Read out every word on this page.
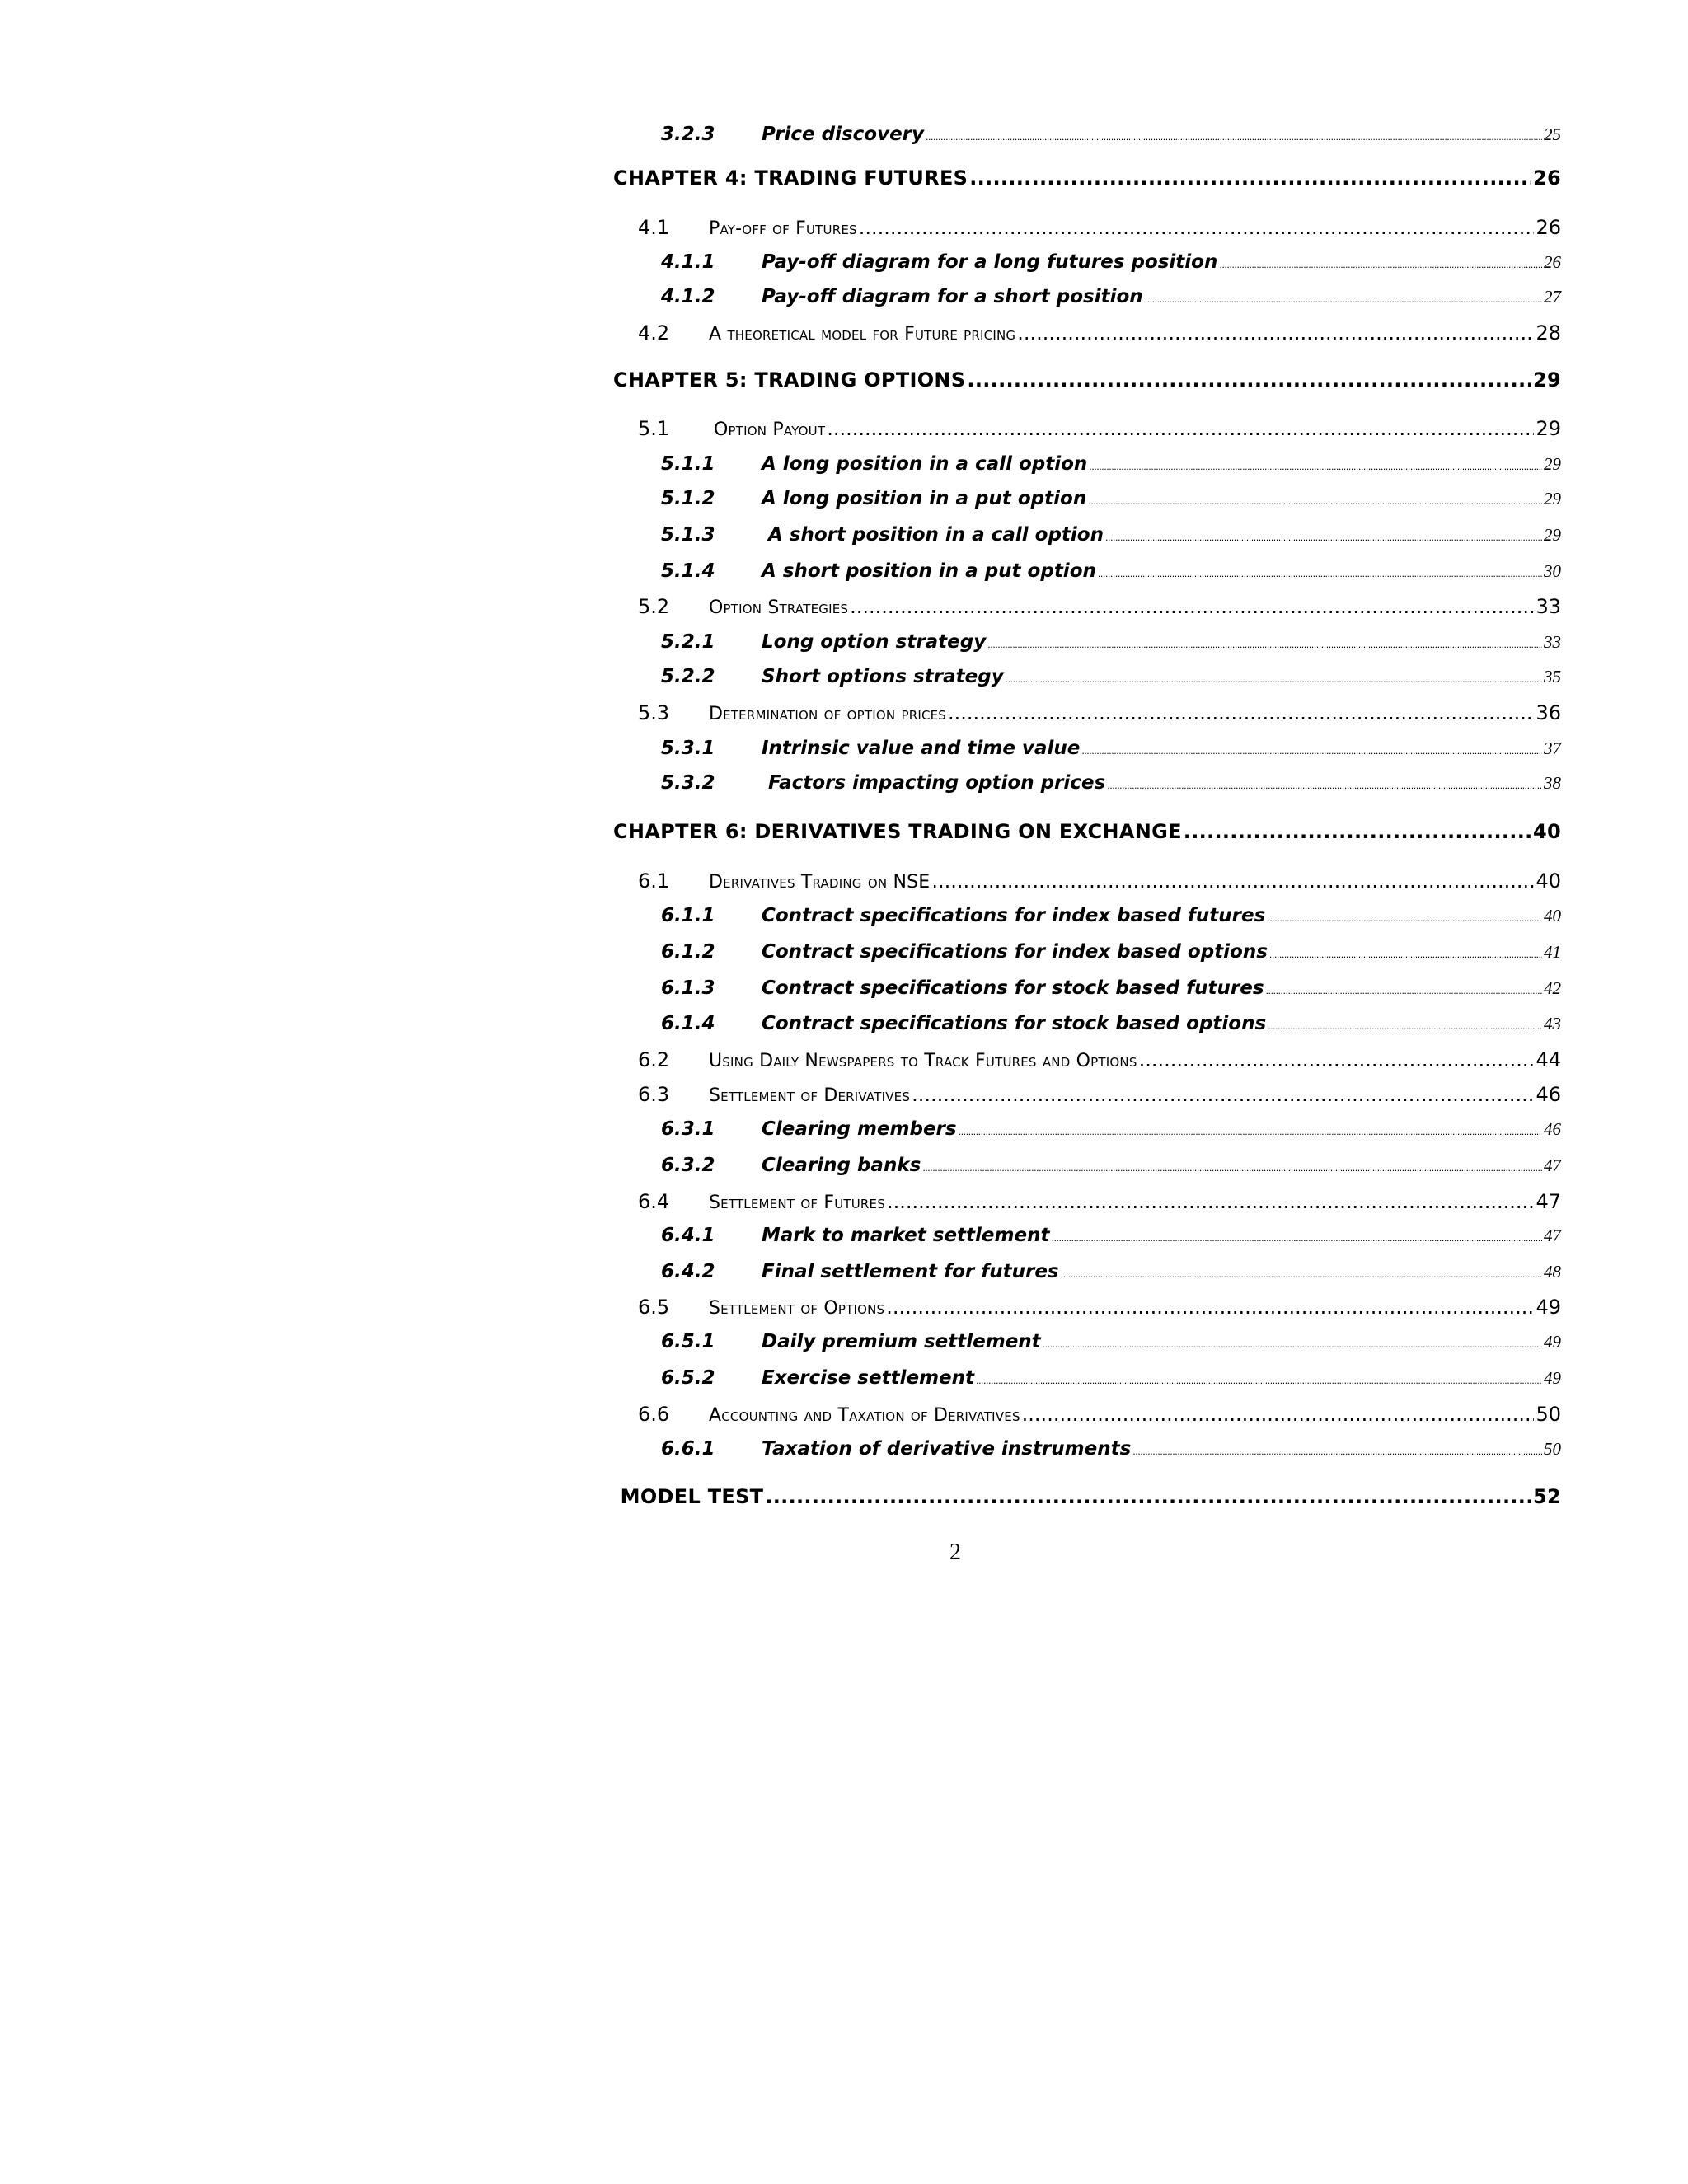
3.2.3	Price discovery .....	25
CHAPTER 4: TRADING FUTURES .....	26
4.1	Pay-off of Futures .....	26
4.1.1	Pay-off diagram for a long futures position .....	26
4.1.2	Pay-off diagram for a short position .....	27
4.2	A theoretical model for Future pricing .....	28
CHAPTER 5: TRADING OPTIONS .....	29
5.1	Option Payout .....	29
5.1.1	A long position in a call option .....	29
5.1.2	A long position in a put option .....	29
5.1.3	A short position in a call option .....	29
5.1.4	A short position in a put option .....	30
5.2	Option Strategies .....	33
5.2.1	Long option strategy .....	33
5.2.2	Short options strategy .....	35
5.3	Determination of option prices .....	36
5.3.1	Intrinsic value and time value .....	37
5.3.2	Factors impacting option prices .....	38
CHAPTER 6: DERIVATIVES TRADING ON EXCHANGE .....	40
6.1	Derivatives Trading on NSE .....	40
6.1.1	Contract specifications for index based futures .....	40
6.1.2	Contract specifications for index based options .....	41
6.1.3	Contract specifications for stock based futures .....	42
6.1.4	Contract specifications for stock based options .....	43
6.2	Using Daily Newspapers to Track Futures and Options .....	44
6.3	Settlement of Derivatives .....	46
6.3.1	Clearing members .....	46
6.3.2	Clearing banks .....	47
6.4	Settlement of Futures .....	47
6.4.1	Mark to market settlement .....	47
6.4.2	Final settlement for futures .....	48
6.5	Settlement of Options .....	49
6.5.1	Daily premium settlement .....	49
6.5.2	Exercise settlement .....	49
6.6	Accounting and Taxation of Derivatives .....	50
6.6.1	Taxation of derivative instruments .....	50
MODEL TEST .....	52
2
